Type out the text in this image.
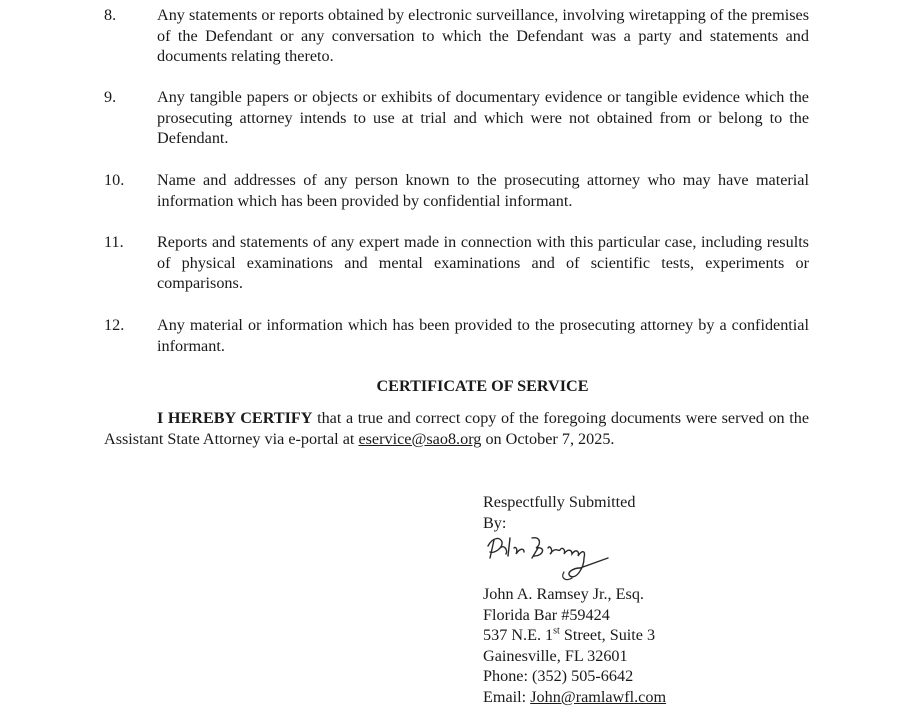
8.	Any statements or reports obtained by electronic surveillance, involving wiretapping of the premises of the Defendant or any conversation to which the Defendant was a party and statements and documents relating thereto.
9.	Any tangible papers or objects or exhibits of documentary evidence or tangible evidence which the prosecuting attorney intends to use at trial and which were not obtained from or belong to the Defendant.
10. Name and addresses of any person known to the prosecuting attorney who may have material information which has been provided by confidential informant.
11. Reports and statements of any expert made in connection with this particular case, including results of physical examinations and mental examinations and of scientific tests, experiments or comparisons.
12. Any material or information which has been provided to the prosecuting attorney by a confidential informant.
CERTIFICATE OF SERVICE
I HEREBY CERTIFY that a true and correct copy of the foregoing documents were served on the Assistant State Attorney via e-portal at eservice@sao8.org on October 7, 2025.
Respectfully Submitted
By:
John A. Ramsey Jr., Esq.
Florida Bar #59424
537 N.E. 1st Street, Suite 3
Gainesville, FL 32601
Phone: (352) 505-6642
Email: John@ramlawfl.com
